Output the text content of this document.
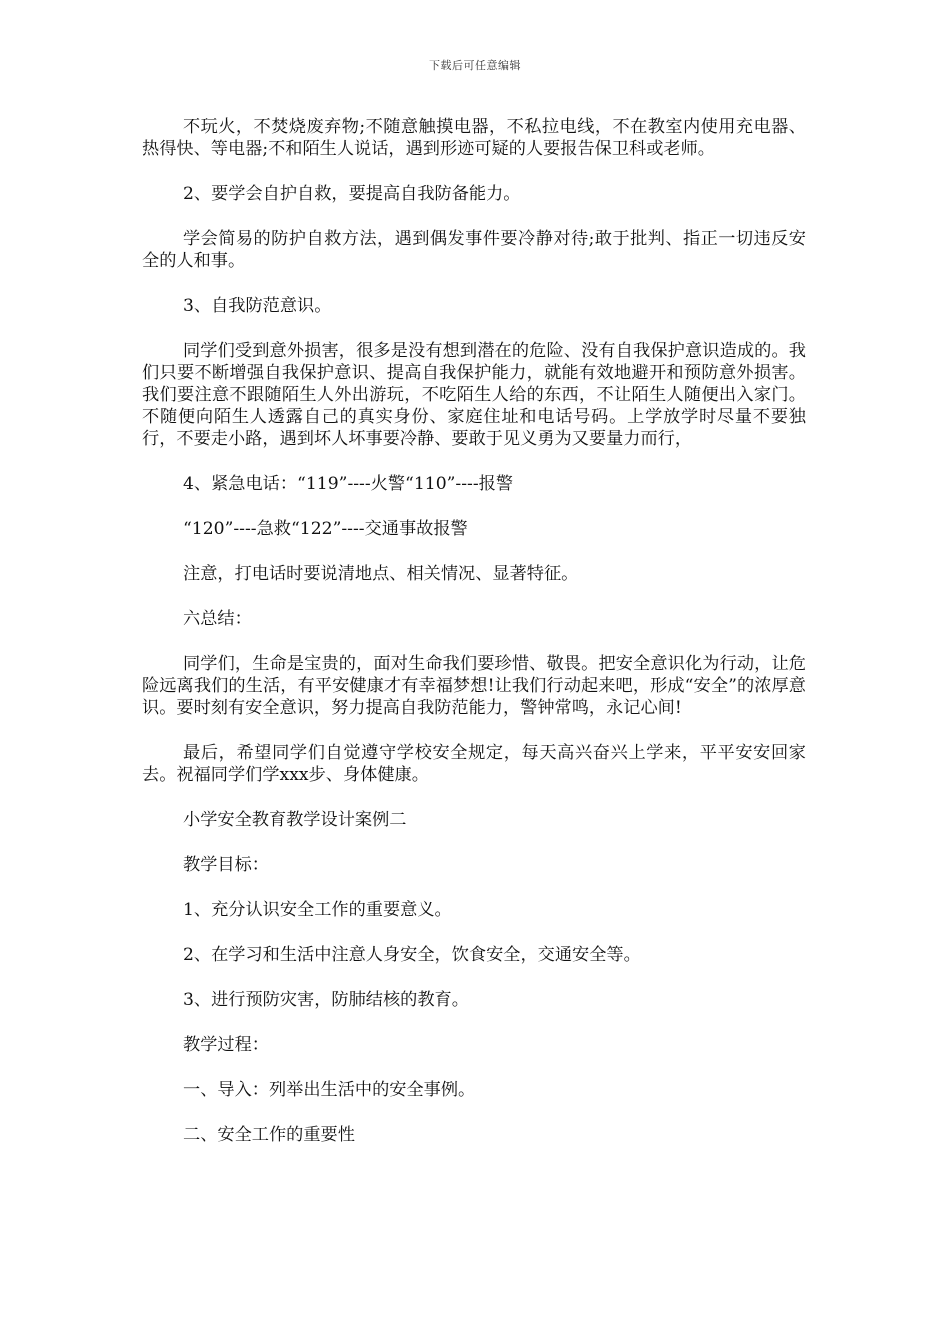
下载后可任意编辑

不玩火，不焚烧废弃物;不随意触摸电器，不私拉电线，不在教室内使用充电器、热得快、等电器;不和陌生人说话，遇到形迹可疑的人要报告保卫科或老师。

2、要学会自护自救，要提高自我防备能力。

学会简易的防护自救方法，遇到偶发事件要冷静对待;敢于批判、指正一切违反安全的人和事。

3、自我防范意识。

同学们受到意外损害，很多是没有想到潜在的危险、没有自我保护意识造成的。我们只要不断增强自我保护意识、提高自我保护能力，就能有效地避开和预防意外损害。我们要注意不跟随陌生人外出游玩，不吃陌生人给的东西，不让陌生人随便出入家门。不随便向陌生人透露自己的真实身份、家庭住址和电话号码。上学放学时尽量不要独行，不要走小路，遇到坏人坏事要冷静、要敢于见义勇为又要量力而行，

4、紧急电话：“119”----火警“110”----报警

“120”----急救“122”----交通事故报警

注意，打电话时要说清地点、相关情况、显著特征。

六总结：

同学们，生命是宝贵的，面对生命我们要珍惜、敬畏。把安全意识化为行动，让危险远离我们的生活，有平安健康才有幸福梦想!让我们行动起来吧，形成“安全”的浓厚意识。要时刻有安全意识，努力提高自我防范能力，警钟常鸣，永记心间!

最后，希望同学们自觉遵守学校安全规定，每天高兴奋兴上学来，平平安安回家去。祝福同学们学xxx步、身体健康。

小学安全教育教学设计案例二

教学目标：

1、充分认识安全工作的重要意义。

2、在学习和生活中注意人身安全，饮食安全，交通安全等。

3、进行预防灾害，防肺结核的教育。

教学过程：

一、导入：列举出生活中的安全事例。

二、安全工作的重要性
